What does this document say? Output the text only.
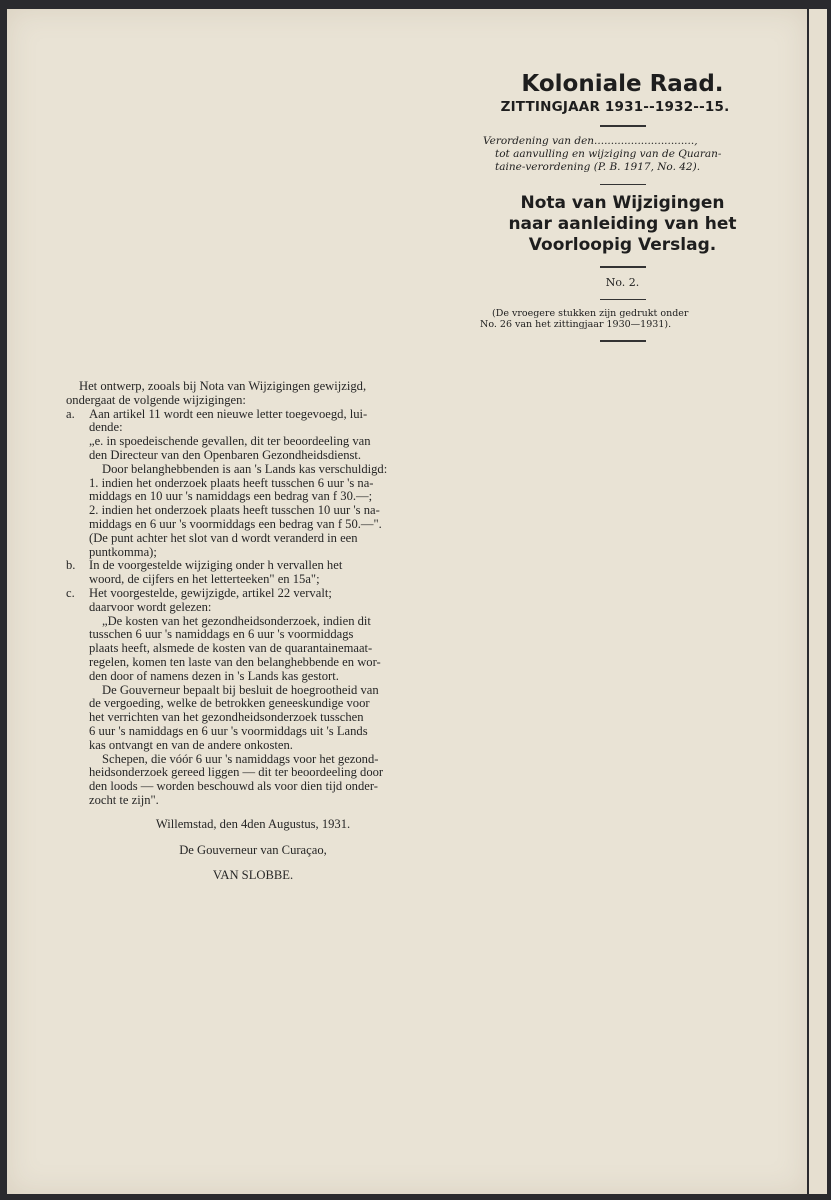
Koloniale Raad.
ZITTINGJAAR 1931--1932--15.
Verordening van den..............................,
tot aanvulling en wijziging van de Quaran-
taine-verordening (P. B. 1917, No. 42).
Nota van Wijzigingen
naar aanleiding van het
Voorloopig Verslag.
No. 2.
(De vroegere stukken zijn gedrukt onder
No. 26 van het zittingjaar 1930—1931).

Het ontwerp, zooals bij Nota van Wijzigingen gewijzigd,
ondergaat de volgende wijzigingen:

a.	Aan artikel 11 wordt een nieuwe letter toegevoegd, lui-
dende:

„e. in spoedeischende gevallen, dit ter beoordeeling van
den Directeur van den Openbaren Gezondheidsdienst.

Door belanghebbenden is aan 's Lands kas verschuldigd:

1. indien het onderzoek plaats heeft tusschen 6 uur 's na-
middags en 10 uur 's namiddags een bedrag van f 30.—;

2. indien het onderzoek plaats heeft tusschen 10 uur 's na-
middags en 6 uur 's voormiddags een bedrag van f 50.—".

(De punt achter het slot van d wordt veranderd in een
puntkomma);

b.	In de voorgestelde wijziging onder h vervallen het
woord, de cijfers en het letterteeken" en 15a";
c.	Het voorgestelde, gewijzigde, artikel 22 vervalt;

daarvoor wordt gelezen:

„De kosten van het gezondheidsonderzoek, indien dit
tusschen 6 uur 's namiddags en 6 uur 's voormiddags
plaats heeft, alsmede de kosten van de quarantainemaat-
regelen, komen ten laste van den belanghebbende en wor-
den door of namens dezen in 's Lands kas gestort.

De Gouverneur bepaalt bij besluit de hoegrootheid van
de vergoeding, welke de betrokken geneeskundige voor
het verrichten van het gezondheidsonderzoek tusschen
6 uur 's namiddags en 6 uur 's voormiddags uit 's Lands
kas ontvangt en van de andere onkosten.

Schepen, die vóór 6 uur 's namiddags voor het gezond-
heidsonderzoek gereed liggen — dit ter beoordeeling door
den loods — worden beschouwd als voor dien tijd onder-
zocht te zijn".

Willemstad, den 4den Augustus, 1931.

De Gouverneur van Curaçao,

VAN SLOBBE.
